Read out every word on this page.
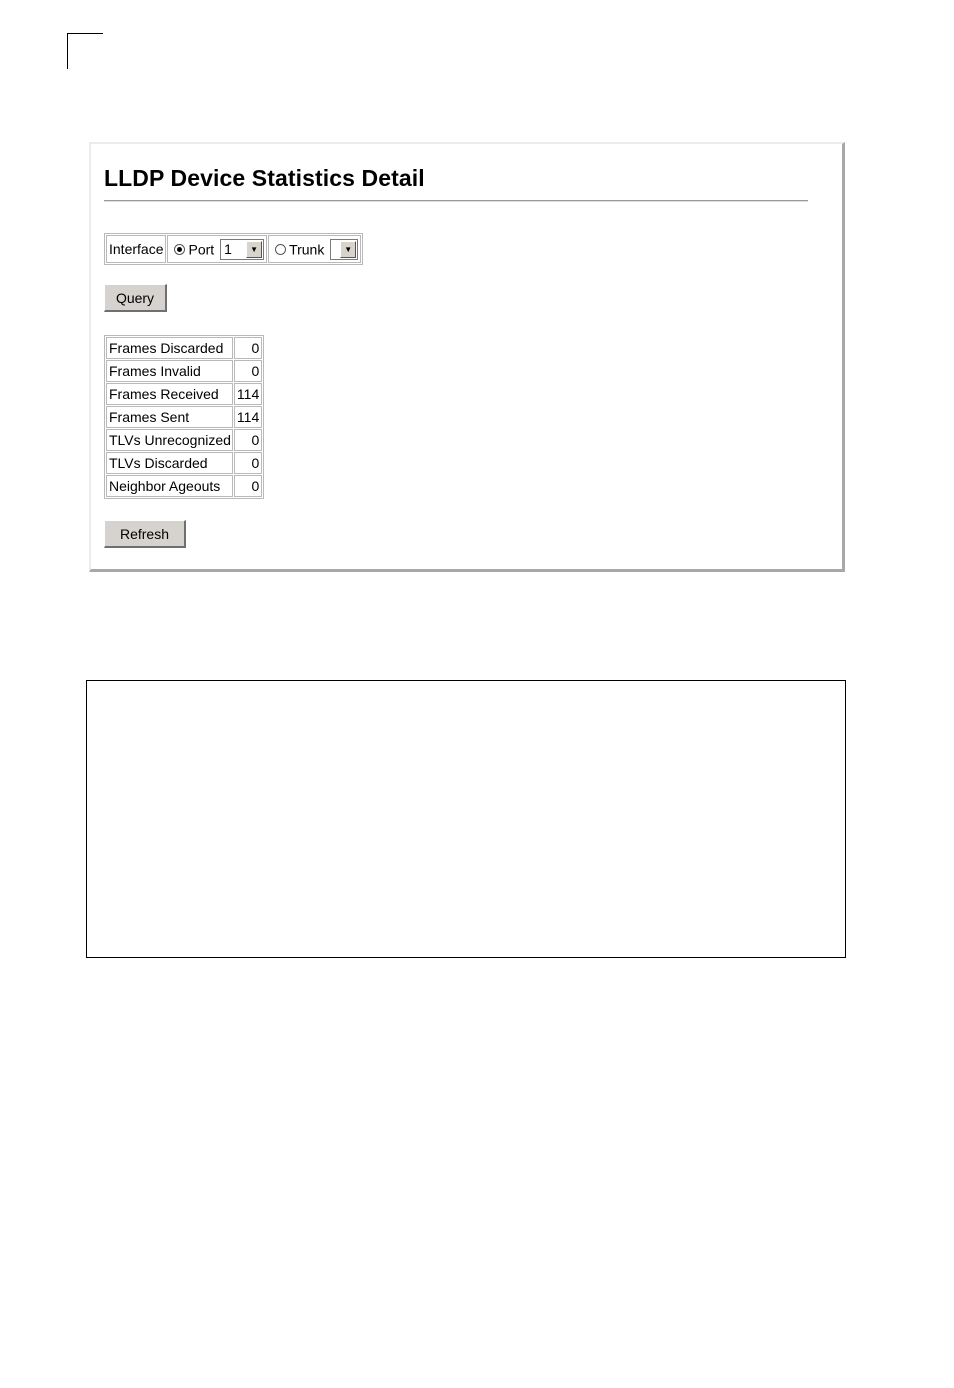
LLDP Device Statistics Detail
Interface	Port 1	▼	Trunk	▼
Query
Frames Discarded	0
Frames Invalid	0
Frames Received	114
Frames Sent	114
TLVs Unrecognized	0
TLVs Discarded	0
Neighbor Ageouts	0
Refresh
